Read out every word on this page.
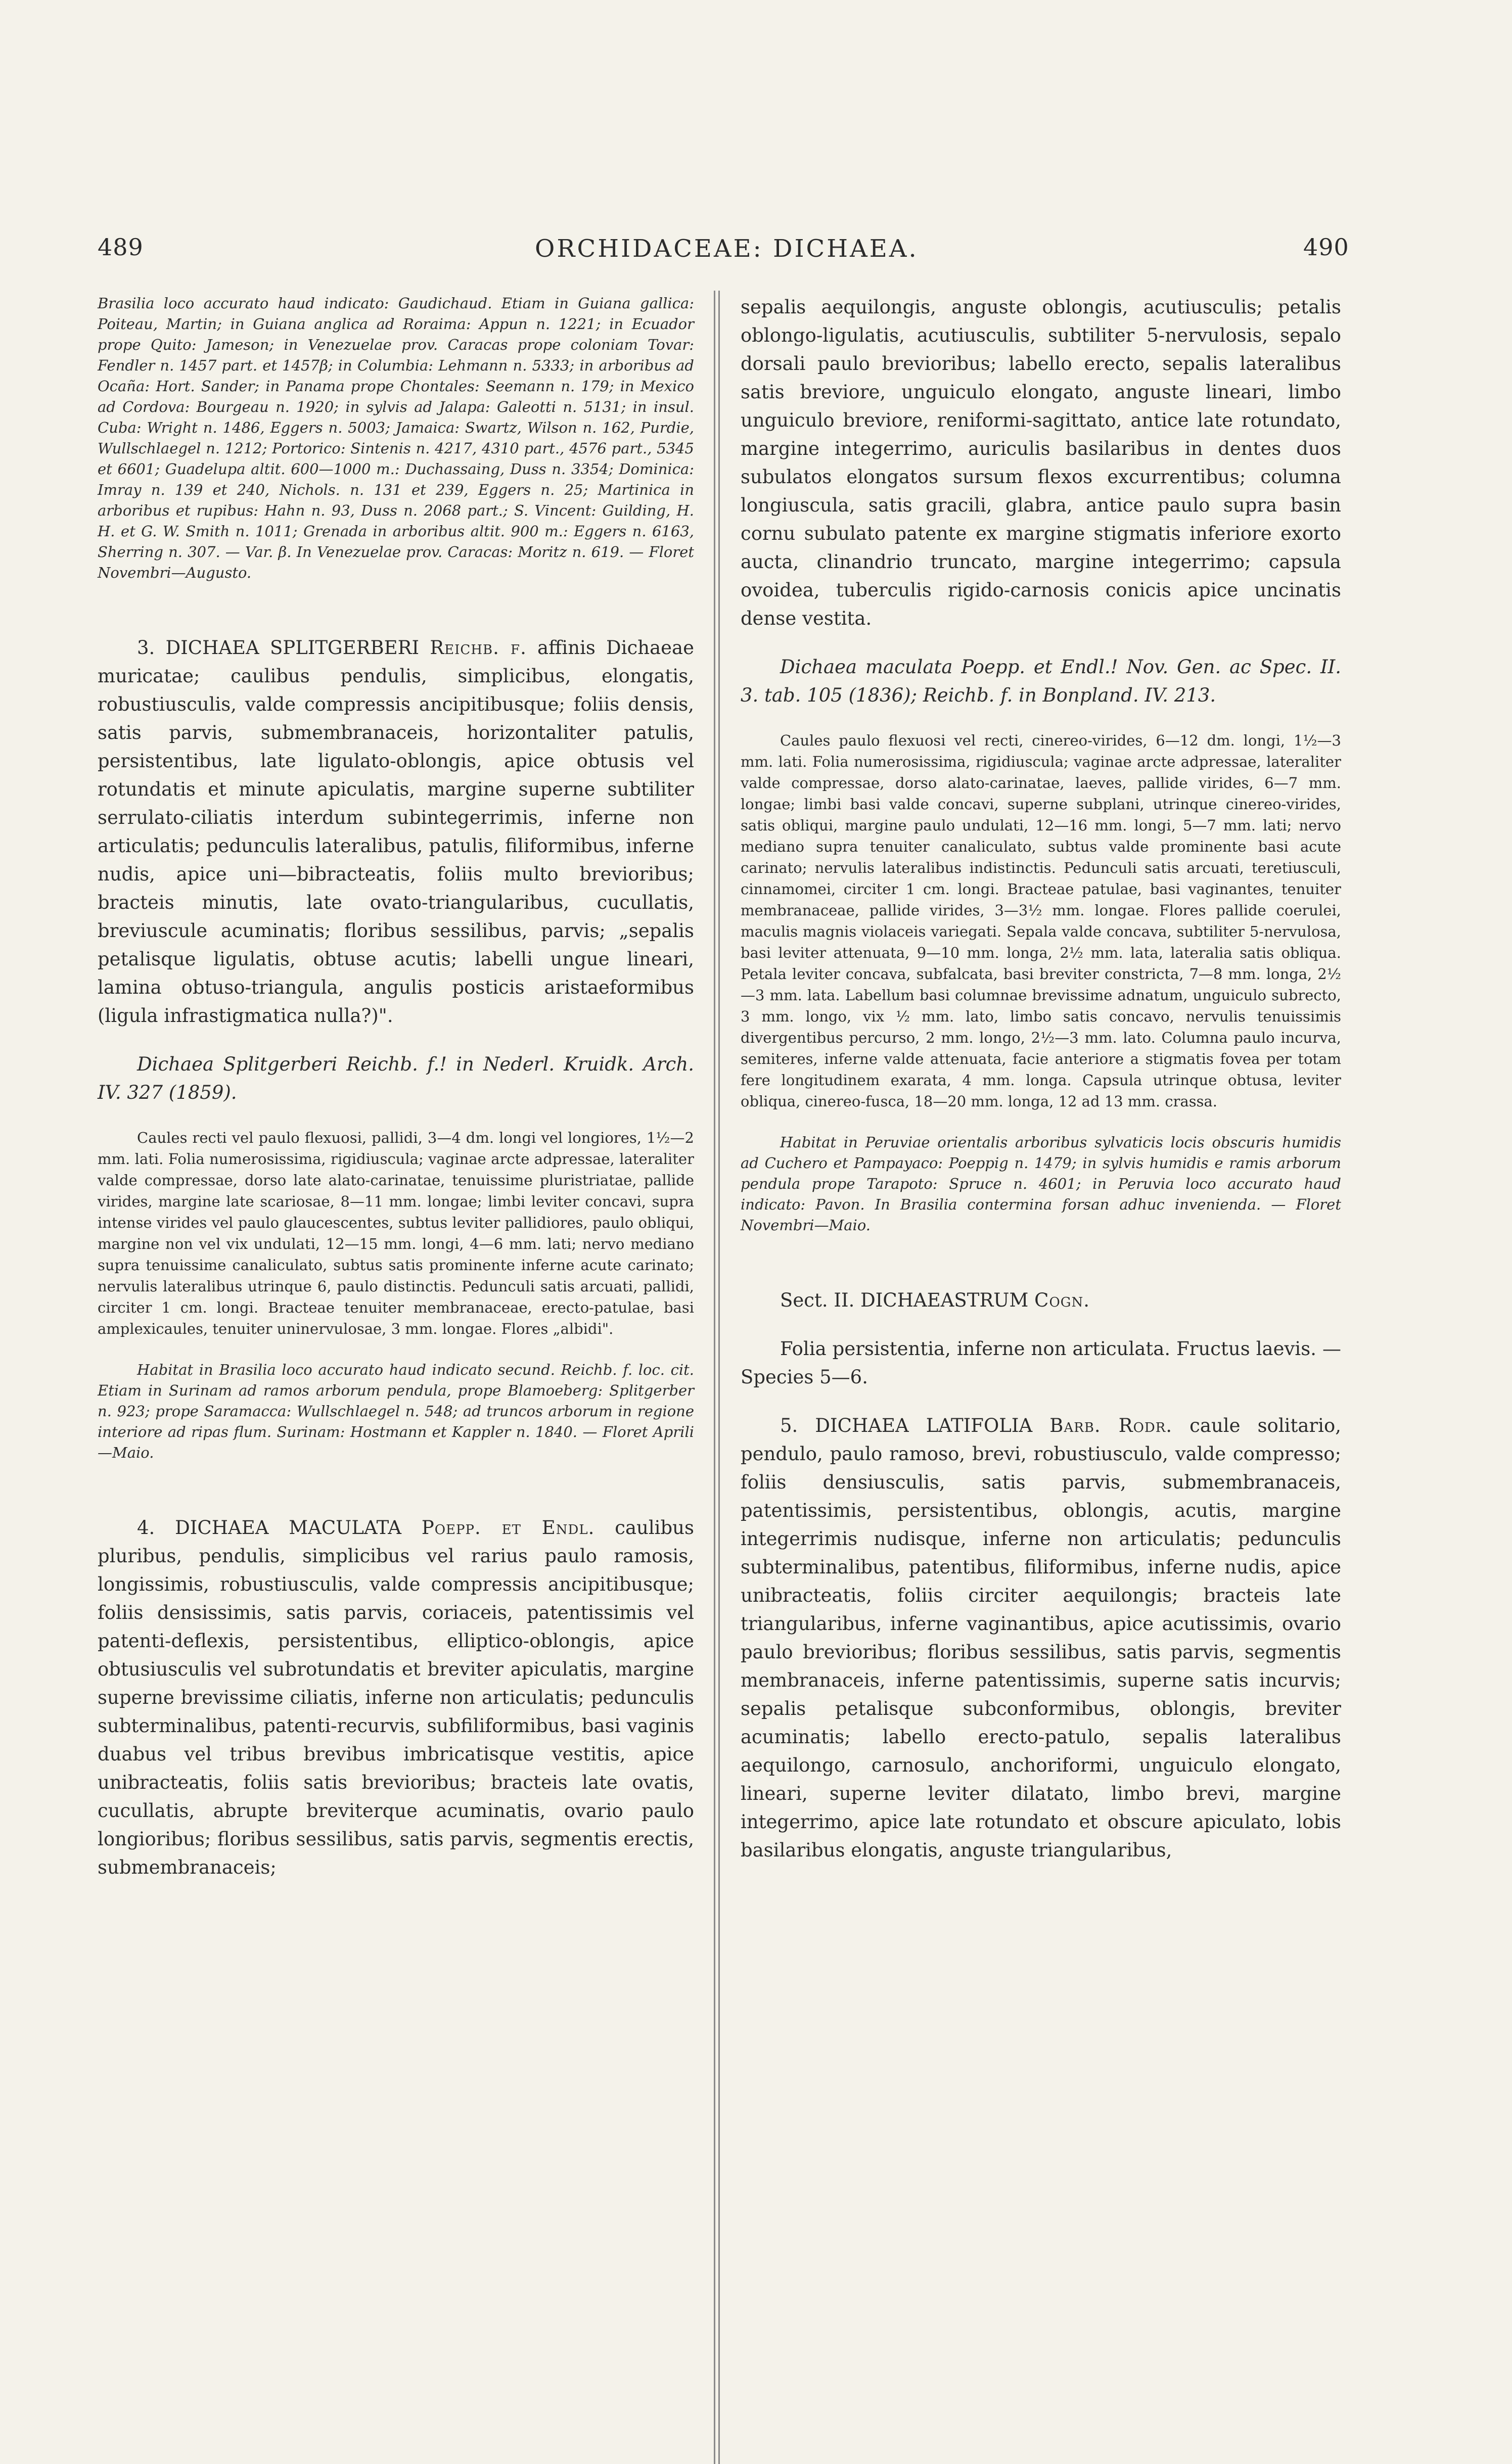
489	ORCHIDACEAE: DICHAEA.	490

Brasilia loco accurato haud indicato: Gaudichaud. Etiam in Guiana gallica: Poiteau, Martin; in Guiana anglica ad Roraima: Appun n. 1221; in Ecuador prope Quito: Jameson; in Venezuelae prov. Caracas prope coloniam Tovar: Fendler n. 1457 part. et 1457β; in Columbia: Lehmann n. 5333; in arboribus ad Ocaña: Hort. Sander; in Panama prope Chontales: Seemann n. 179; in Mexico ad Cordova: Bourgeau n. 1920; in sylvis ad Jalapa: Galeotti n. 5131; in insul. Cuba: Wright n. 1486, Eggers n. 5003; Jamaica: Swartz, Wilson n. 162, Purdie, Wullschlaegel n. 1212; Portorico: Sintenis n. 4217, 4310 part., 4576 part., 5345 et 6601; Guadelupa altit. 600—1000 m.: Duchassaing, Duss n. 3354; Dominica: Imray n. 139 et 240, Nichols. n. 131 et 239, Eggers n. 25; Martinica in arboribus et rupibus: Hahn n. 93, Duss n. 2068 part.; S. Vincent: Guilding, H. H. et G. W. Smith n. 1011; Grenada in arboribus altit. 900 m.: Eggers n. 6163, Sherring n. 307. — Var. β. In Venezuelae prov. Caracas: Moritz n. 619. — Floret Novembri—Augusto.

3. DICHAEA SPLITGERBERI Reichb. f. affinis Dichaeae muricatae; caulibus pendulis, simplicibus, elongatis, robustiusculis, valde compressis ancipitibusque; foliis densis, satis parvis, submembranaceis, horizontaliter patulis, persistentibus, late ligulato-oblongis, apice obtusis vel rotundatis et minute apiculatis, margine superne subtiliter serrulato-ciliatis interdum subintegerrimis, inferne non articulatis; pedunculis lateralibus, patulis, filiformibus, inferne nudis, apice uni—bibracteatis, foliis multo brevioribus; bracteis minutis, late ovato-triangularibus, cucullatis, breviuscule acuminatis; floribus sessilibus, parvis; „sepalis petalisque ligulatis, obtuse acutis; labelli ungue lineari, lamina obtuso-triangula, angulis posticis aristaeformibus (ligula infrastigmatica nulla?)".

Dichaea Splitgerberi Reichb. f.! in Nederl. Kruidk. Arch. IV. 327 (1859).

Caules recti vel paulo flexuosi, pallidi, 3—4 dm. longi vel longiores, 1½—2 mm. lati. Folia numerosissima, rigidiuscula; vaginae arcte adpressae, lateraliter valde compressae, dorso late alato-carinatae, tenuissime pluristriatae, pallide virides, margine late scariosae, 8—11 mm. longae; limbi leviter concavi, supra intense virides vel paulo glaucescentes, subtus leviter pallidiores, paulo obliqui, margine non vel vix undulati, 12—15 mm. longi, 4—6 mm. lati; nervo mediano supra tenuissime canaliculato, subtus satis prominente inferne acute carinato; nervulis lateralibus utrinque 6, paulo distinctis. Pedunculi satis arcuati, pallidi, circiter 1 cm. longi. Bracteae tenuiter membranaceae, erecto-patulae, basi amplexicaules, tenuiter uninervulosae, 3 mm. longae. Flores „albidi".

Habitat in Brasilia loco accurato haud indicato secund. Reichb. f. loc. cit. Etiam in Surinam ad ramos arborum pendula, prope Blamoeberg: Splitgerber n. 923; prope Saramacca: Wullschlaegel n. 548; ad truncos arborum in regione interiore ad ripas flum. Surinam: Hostmann et Kappler n. 1840. — Floret Aprili—Maio.

4. DICHAEA MACULATA Poepp. et Endl. caulibus pluribus, pendulis, simplicibus vel rarius paulo ramosis, longissimis, robustiusculis, valde compressis ancipitibusque; foliis densissimis, satis parvis, coriaceis, patentissimis vel patenti-deflexis, persistentibus, elliptico-oblongis, apice obtusiusculis vel subrotundatis et breviter apiculatis, margine superne brevissime ciliatis, inferne non articulatis; pedunculis subterminalibus, patenti-recurvis, subfiliformibus, basi vaginis duabus vel tribus brevibus imbricatisque vestitis, apice unibracteatis, foliis satis brevioribus; bracteis late ovatis, cucullatis, abrupte breviterque acuminatis, ovario paulo longioribus; floribus sessilibus, satis parvis, segmentis erectis, submembranaceis;

sepalis aequilongis, anguste oblongis, acutiusculis; petalis oblongo-ligulatis, acutiusculis, subtiliter 5-nervulosis, sepalo dorsali paulo brevioribus; labello erecto, sepalis lateralibus satis breviore, unguiculo elongato, anguste lineari, limbo unguiculo breviore, reniformi-sagittato, antice late rotundato, margine integerrimo, auriculis basilaribus in dentes duos subulatos elongatos sursum flexos excurrentibus; columna longiuscula, satis gracili, glabra, antice paulo supra basin cornu subulato patente ex margine stigmatis inferiore exorto aucta, clinandrio truncato, margine integerrimo; capsula ovoidea, tuberculis rigido-carnosis conicis apice uncinatis dense vestita.

Dichaea maculata Poepp. et Endl.! Nov. Gen. ac Spec. II. 3. tab. 105 (1836); Reichb. f. in Bonpland. IV. 213.

Caules paulo flexuosi vel recti, cinereo-virides, 6—12 dm. longi, 1½—3 mm. lati. Folia numerosissima, rigidiuscula; vaginae arcte adpressae, lateraliter valde compressae, dorso alato-carinatae, laeves, pallide virides, 6—7 mm. longae; limbi basi valde concavi, superne subplani, utrinque cinereo-virides, satis obliqui, margine paulo undulati, 12—16 mm. longi, 5—7 mm. lati; nervo mediano supra tenuiter canaliculato, subtus valde prominente basi acute carinato; nervulis lateralibus indistinctis. Pedunculi satis arcuati, teretiusculi, cinnamomei, circiter 1 cm. longi. Bracteae patulae, basi vaginantes, tenuiter membranaceae, pallide virides, 3—3½ mm. longae. Flores pallide coerulei, maculis magnis violaceis variegati. Sepala valde concava, subtiliter 5-nervulosa, basi leviter attenuata, 9—10 mm. longa, 2½ mm. lata, lateralia satis obliqua. Petala leviter concava, subfalcata, basi breviter constricta, 7—8 mm. longa, 2½—3 mm. lata. Labellum basi columnae brevissime adnatum, unguiculo subrecto, 3 mm. longo, vix ½ mm. lato, limbo satis concavo, nervulis tenuissimis divergentibus percurso, 2 mm. longo, 2½—3 mm. lato. Columna paulo incurva, semiteres, inferne valde attenuata, facie anteriore a stigmatis fovea per totam fere longitudinem exarata, 4 mm. longa. Capsula utrinque obtusa, leviter obliqua, cinereo-fusca, 18—20 mm. longa, 12 ad 13 mm. crassa.

Habitat in Peruviae orientalis arboribus sylvaticis locis obscuris humidis ad Cuchero et Pampayaco: Poeppig n. 1479; in sylvis humidis e ramis arborum pendula prope Tarapoto: Spruce n. 4601; in Peruvia loco accurato haud indicato: Pavon. In Brasilia contermina forsan adhuc invenienda. — Floret Novembri—Maio.

Sect. II. DICHAEASTRUM Cogn.

Folia persistentia, inferne non articulata. Fructus laevis. — Species 5—6.

5. DICHAEA LATIFOLIA Barb. Rodr. caule solitario, pendulo, paulo ramoso, brevi, robustiusculo, valde compresso; foliis densiusculis, satis parvis, submembranaceis, patentissimis, persistentibus, oblongis, acutis, margine integerrimis nudisque, inferne non articulatis; pedunculis subterminalibus, patentibus, filiformibus, inferne nudis, apice unibracteatis, foliis circiter aequilongis; bracteis late triangularibus, inferne vaginantibus, apice acutissimis, ovario paulo brevioribus; floribus sessilibus, satis parvis, segmentis membranaceis, inferne patentissimis, superne satis incurvis; sepalis petalisque subconformibus, oblongis, breviter acuminatis; labello erecto-patulo, sepalis lateralibus aequilongo, carnosulo, anchoriformi, unguiculo elongato, lineari, superne leviter dilatato, limbo brevi, margine integerrimo, apice late rotundato et obscure apiculato, lobis basilaribus elongatis, anguste triangularibus,
